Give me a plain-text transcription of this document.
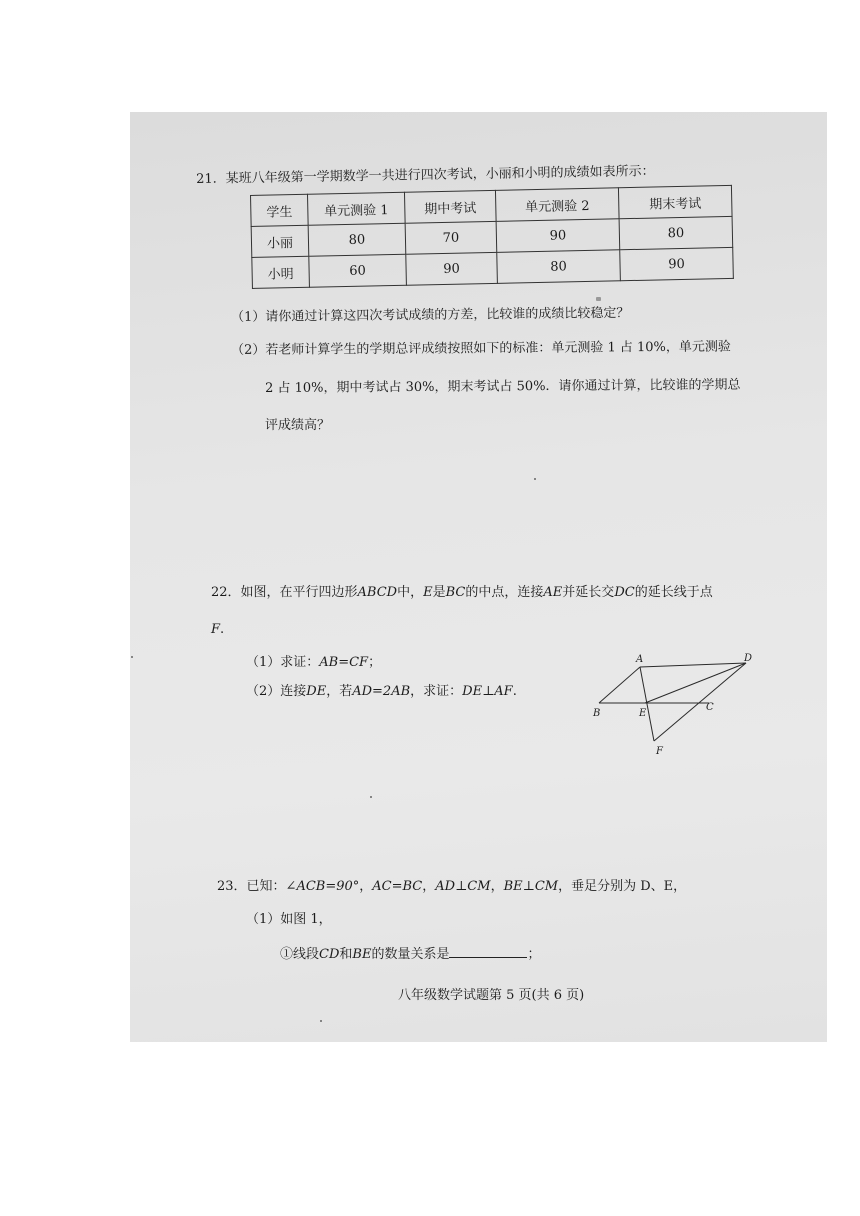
21．某班八年级第一学期数学一共进行四次考试，小丽和小明的成绩如表所示：
学生	单元测验 1	期中考试	单元测验 2	期末考试
小丽	80	70	90	80
小明	60	90	80	90
（1）请你通过计算这四次考试成绩的方差，比较谁的成绩比较稳定？
（2）若老师计算学生的学期总评成绩按照如下的标准：单元测验 1 占 10%，单元测验
2 占 10%，期中考试占 30%，期末考试占 50%．请你通过计算，比较谁的学期总
评成绩高？
22．如图，在平行四边形ABCD中，E是BC的中点，连接AE并延长交DC的延长线于点
F.
（1）求证：AB=CF；
（2）连接DE，若AD=2AB，求证：DE⊥AF.
A	D
B	E
C
F
23．已知：∠ACB=90°，AC=BC，AD⊥CM，BE⊥CM，垂足分别为 D、E，
（1）如图 1，
①线段CD和BE的数量关系是	；
八年级数学试题第 5 页(共 6 页)
